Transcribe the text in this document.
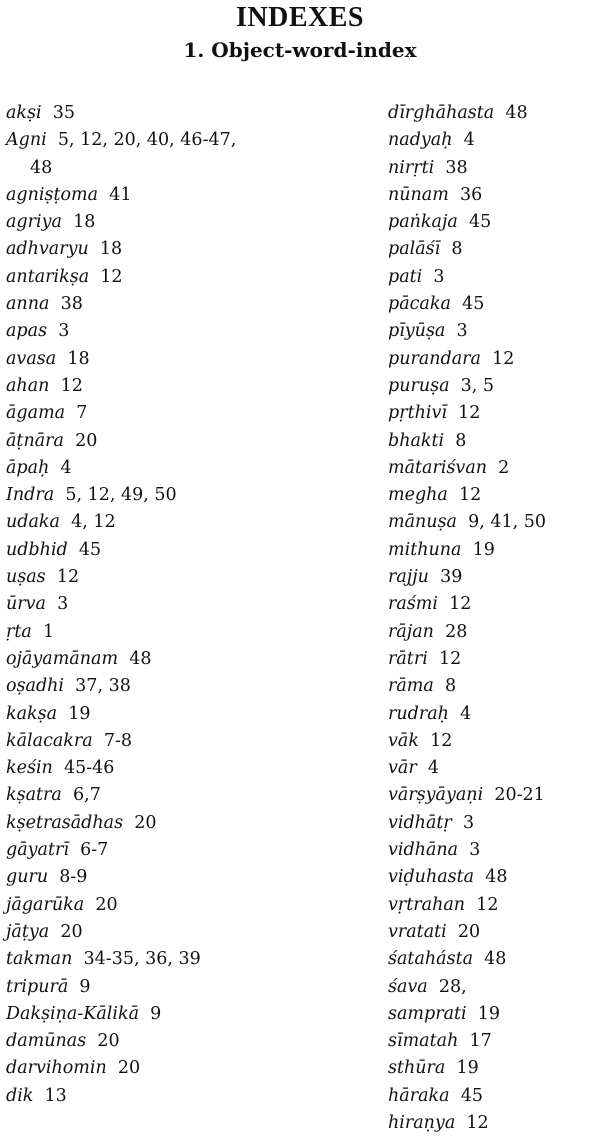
INDEXES
1. Object-word-index
akṣi 35
Agni 5, 12, 20, 40, 46-47,
48
agniṣṭoma 41
agriya 18
adhvaryu 18
antarikṣa 12
anna 38
apas 3
avasa 18
ahan 12
āgama 7
āṭnāra 20
āpaḥ 4
Indra 5, 12, 49, 50
udaka 4, 12
udbhid 45
uṣas 12
ūrva 3
ṛta 1
ojāyamānam 48
oṣadhi 37, 38
kakṣa 19
kālacakra 7-8
keśin 45-46
kṣatra 6,7
kṣetrasādhas 20
gāyatrī 6-7
guru 8-9
jāgarūka 20
jāṭya 20
takman 34-35, 36, 39
tripurā 9
Dakṣiṇa-Kālikā 9
damūnas 20
darvihomin 20
dik 13
dīrghāhasta 48
nadyaḥ 4
nirṛti 38
nūnam 36
paṅkaja 45
palāśī 8
pati 3
pācaka 45
pīyūṣa 3
purandara 12
puruṣa 3, 5
pṛthivī 12
bhakti 8
mātariśvan 2
megha 12
mānuṣa 9, 41, 50
mithuna 19
rajju 39
raśmi 12
rājan 28
rātri 12
rāma 8
rudraḥ 4
vāk 12
vār 4
vārṣyāyaṇi 20-21
vidhātṛ 3
vidhāna 3
viḍuhasta 48
vṛtrahan 12
vratati 20
śatahásta 48
śava 28,
samprati 19
sīmatah 17
sthūra 19
hāraka 45
hiraṇya 12
